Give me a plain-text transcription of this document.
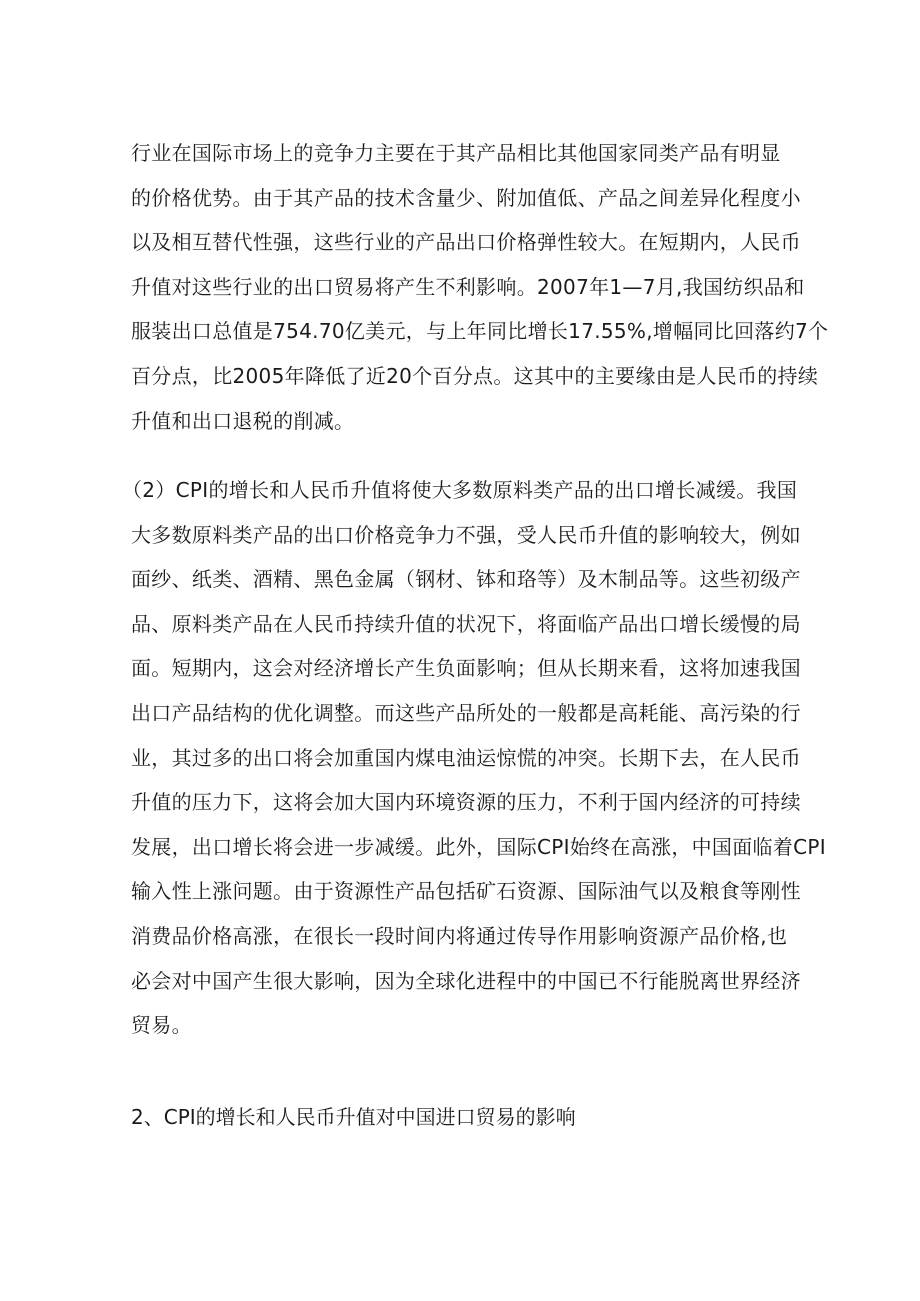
行业在国际市场上的竞争力主要在于其产品相比其他国家同类产品有明显
的价格优势。由于其产品的技术含量少、附加值低、产品之间差异化程度小
以及相互替代性强，这些行业的产品出口价格弹性较大。在短期内，人民币
升值对这些行业的出口贸易将产生不利影响。2007年1—7月,我国纺织品和
服装出口总值是754.70亿美元，与上年同比增长17.55%,增幅同比回落约7个
百分点，比2005年降低了近20个百分点。这其中的主要缘由是人民币的持续
升值和出口退税的削减。
（2）CPI的增长和人民币升值将使大多数原料类产品的出口增长减缓。我国
大多数原料类产品的出口价格竞争力不强，受人民币升值的影响较大，例如
面纱、纸类、酒精、黑色金属（钢材、钵和珞等）及木制品等。这些初级产
品、原料类产品在人民币持续升值的状况下，将面临产品出口增长缓慢的局
面。短期内，这会对经济增长产生负面影响；但从长期来看，这将加速我国
出口产品结构的优化调整。而这些产品所处的一般都是高耗能、高污染的行
业，其过多的出口将会加重国内煤电油运惊慌的冲突。长期下去，在人民币
升值的压力下，这将会加大国内环境资源的压力，不利于国内经济的可持续
发展，出口增长将会进一步减缓。此外，国际CPI始终在高涨，中国面临着CPI
输入性上涨问题。由于资源性产品包括矿石资源、国际油气以及粮食等刚性
消费品价格高涨，在很长一段时间内将通过传导作用影响资源产品价格,也
必会对中国产生很大影响，因为全球化进程中的中国已不行能脱离世界经济
贸易。
2、CPI的增长和人民币升值对中国进口贸易的影响
